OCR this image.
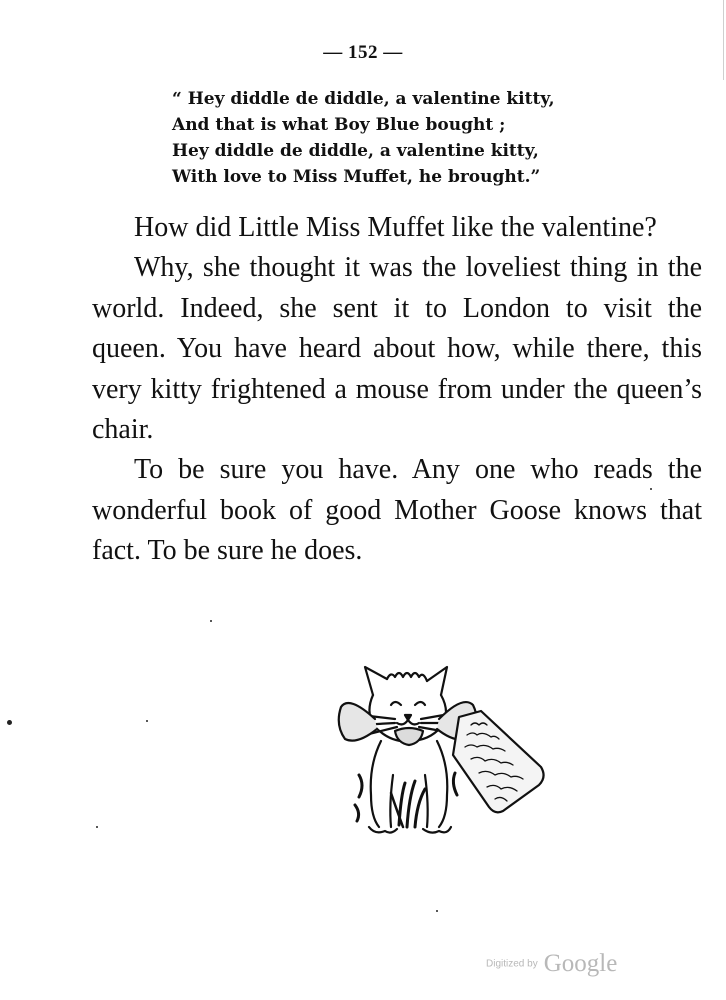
— 152 —
“ Hey diddle de diddle, a valentine kitty,
And that is what Boy Blue bought ;
Hey diddle de diddle, a valentine kitty,
With love to Miss Muffet, he brought.”

How did Little Miss Muffet like the valentine?

Why, she thought it was the loveliest thing in the world. Indeed, she sent it to London to visit the queen. You have heard about how, while there, this very kitty frightened a mouse from under the queen’s chair.

To be sure you have. Any one who reads the wonderful book of good Mother Goose knows that fact. To be sure he does.

Digitized by Google
